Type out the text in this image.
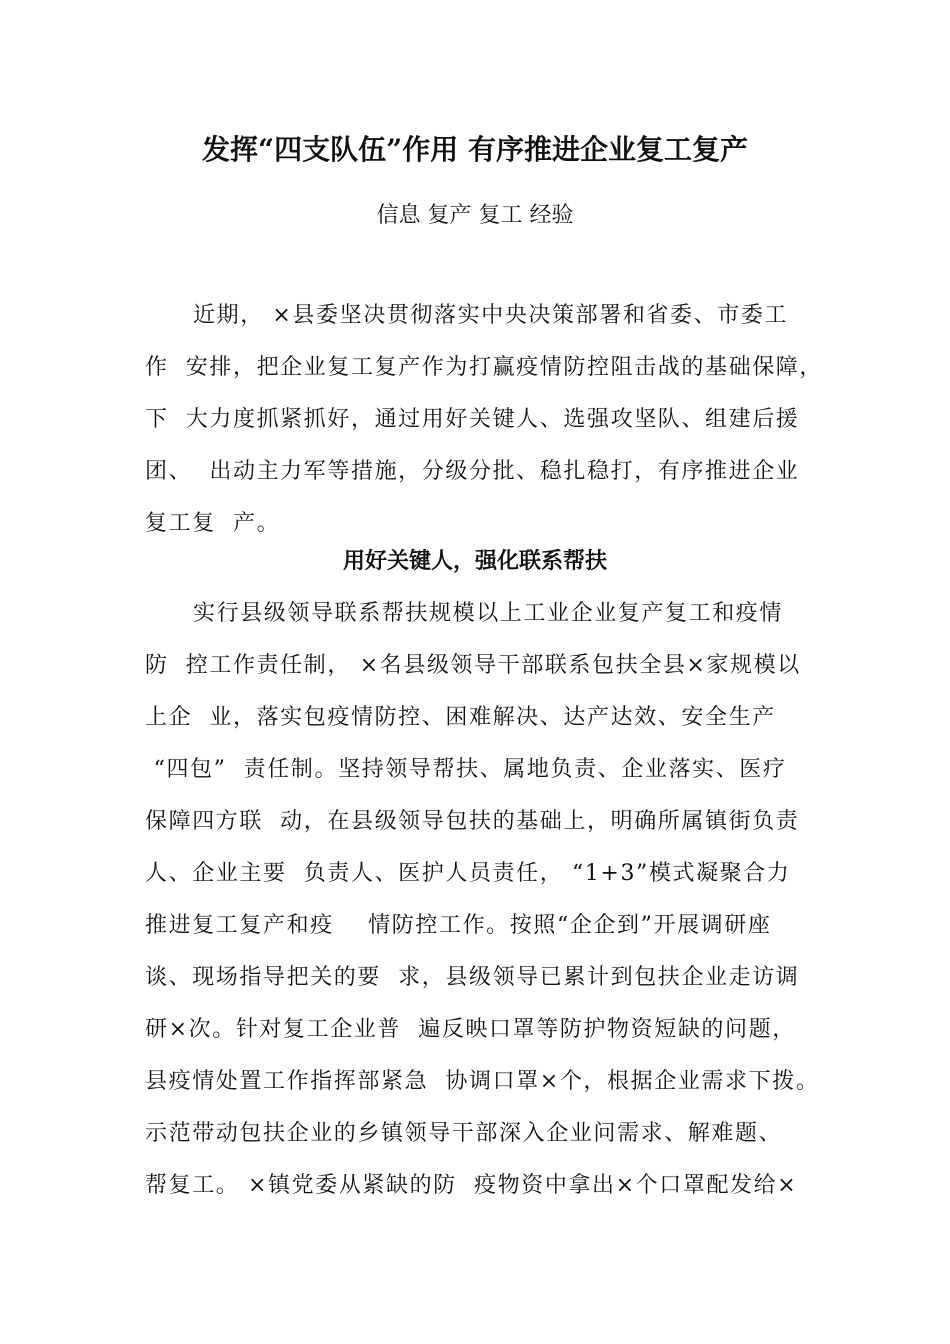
发挥“四支队伍”作用 有序推进企业复工复产
信息 复产 复工 经验
近期， ×县委坚决贯彻落实中央决策部署和省委、市委工
作  安排，把企业复工复产作为打赢疫情防控阻击战的基础保障，
下  大力度抓紧抓好，通过用好关键人、选强攻坚队、组建后援
团、  出动主力军等措施，分级分批、稳扎稳打，有序推进企业
复工复  产。
用好关键人，强化联系帮扶
实行县级领导联系帮扶规模以上工业企业复产复工和疫情
防  控工作责任制， ×名县级领导干部联系包扶全县×家规模以
上企  业，落实包疫情防控、困难解决、达产达效、安全生产
“四包”  责任制。坚持领导帮扶、属地负责、企业落实、医疗
保障四方联  动，在县级领导包扶的基础上，明确所属镇街负责
人、企业主要  负责人、医护人员责任， “1+3”模式凝聚合力
推进复工复产和疫    情防控工作。按照“企企到”开展调研座
谈、现场指导把关的要  求，县级领导已累计到包扶企业走访调
研×次。针对复工企业普  遍反映口罩等防护物资短缺的问题，
县疫情处置工作指挥部紧急  协调口罩×个，根据企业需求下拨。
示范带动包扶企业的乡镇领导干部深入企业问需求、解难题、
帮复工。 ×镇党委从紧缺的防  疫物资中拿出×个口罩配发给×
